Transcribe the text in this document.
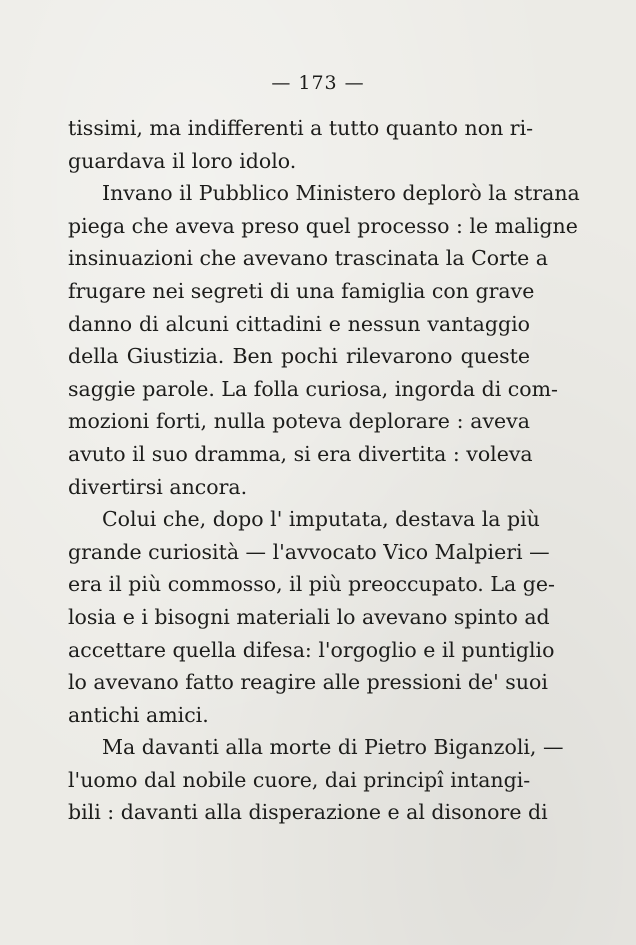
— 173 —
tissimi, ma indifferenti a tutto quanto non ri-
guardava il loro idolo.
Invano il Pubblico Ministero deplorò la strana
piega che aveva preso quel processo : le maligne
insinuazioni che avevano trascinata la Corte a
frugare nei segreti di una famiglia con grave
danno di alcuni cittadini e nessun vantaggio
della Giustizia. Ben pochi rilevarono queste
saggie parole. La folla curiosa, ingorda di com-
mozioni forti, nulla poteva deplorare : aveva
avuto il suo dramma, si era divertita : voleva
divertirsi ancora.
Colui che, dopo l' imputata, destava la più
grande curiosità — l'avvocato Vico Malpieri —
era il più commosso, il più preoccupato. La ge-
losia e i bisogni materiali lo avevano spinto ad
accettare quella difesa: l'orgoglio e il puntiglio
lo avevano fatto reagire alle pressioni de' suoi
antichi amici.
Ma davanti alla morte di Pietro Biganzoli, —
l'uomo dal nobile cuore, dai principî intangi-
bili : davanti alla disperazione e al disonore di
